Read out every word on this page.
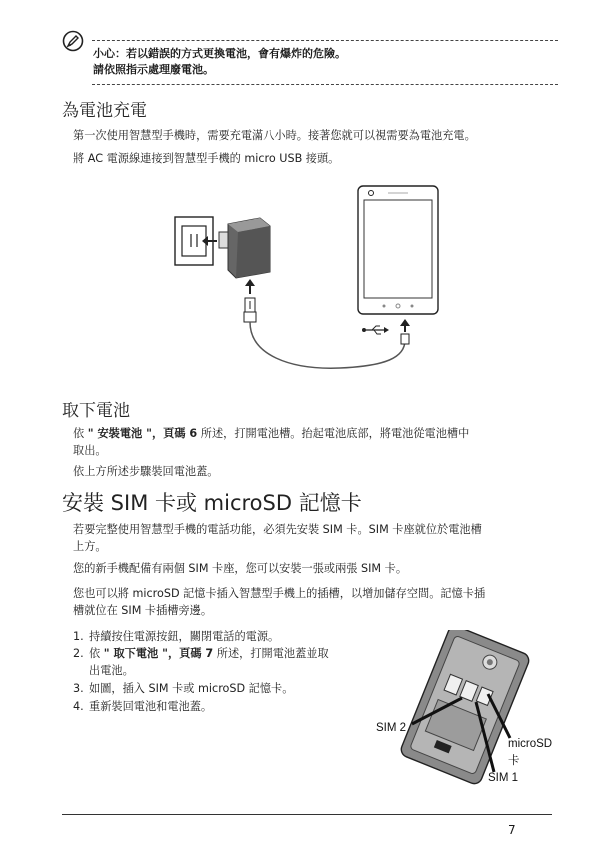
小心：若以錯誤的方式更換電池，會有爆炸的危險。
請依照指示處理廢電池。
為電池充電
第一次使用智慧型手機時，需要充電滿八小時。接著您就可以視需要為電池充電。
將 AC 電源線連接到智慧型手機的 micro USB 接頭。
取下電池
依 " 安裝電池 "，頁碼 6 所述，打開電池槽。抬起電池底部，將電池從電池槽中
取出。
依上方所述步驟裝回電池蓋。
安裝 SIM 卡或 microSD 記憶卡
若要完整使用智慧型手機的電話功能，必須先安裝 SIM 卡。SIM 卡座就位於電池槽
上方。
您的新手機配備有兩個 SIM 卡座，您可以安裝一張或兩張 SIM 卡。
您也可以將 microSD 記憶卡插入智慧型手機上的插槽，以增加儲存空間。記憶卡插
槽就位在 SIM 卡插槽旁邊。
1. 持續按住電源按鈕，關閉電話的電源。
2. 依 " 取下電池 "，頁碼 7 所述，打開電池蓋並取
出電池。
3. 如圖，插入 SIM 卡或 microSD 記憶卡。
4. 重新裝回電池和電池蓋。
SIM 2
microSD
卡
SIM 1
7
